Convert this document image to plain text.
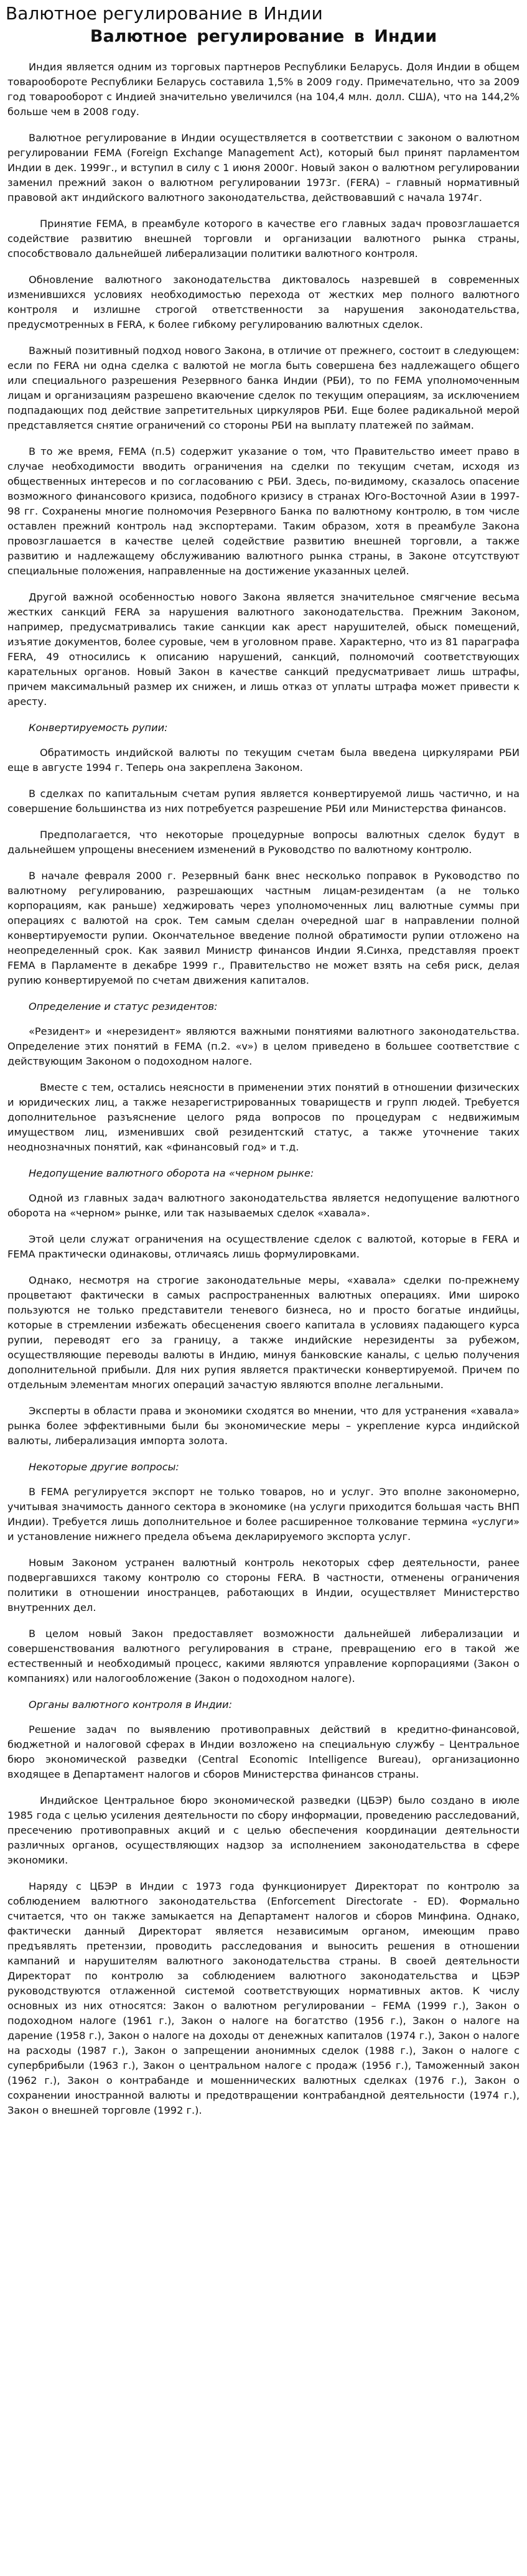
Валютное регулирование в Индии
Валютное регулирование в Индии
Индия является одним из торговых партнеров Республики Беларусь. Доля Индии в общем товарообороте Республики Беларусь составила 1,5% в 2009 году. Примечательно, что за 2009 год товарооборот с Индией значительно увеличился (на 104,4 млн. долл. США), что на 144,2% больше чем в 2008 году.
Валютное регулирование в Индии осуществляется в соответствии с законом о валютном регулировании FEMA (Foreign Exchange Management Act), который был принят парламентом Индии в дек. 1999г., и вступил в силу с 1 июня 2000г. Новый закон о валютном регулировании заменил прежний закон о валютном регулировании 1973г. (FERA) – главный нормативный правовой акт индийского валютного законодательства, действовавший с начала 1974г.
Принятие FEMA, в преамбуле которого в качестве его главных задач провозглашается содействие развитию внешней торговли и организации валютного рынка страны, способствовало дальнейшей либерализации политики валютного контроля.
Обновление валютного законодательства диктовалось назревшей в современных изменившихся условиях необходимостью перехода от жестких мер полного валютного контроля и излишне строгой ответственности за нарушения законодательства, предусмотренных в FERA, к более гибкому регулированию валютных сделок.
Важный позитивный подход нового Закона, в отличие от прежнего, состоит в следующем: если по FERA ни одна сделка с валютой не могла быть совершена без надлежащего общего или специального разрешения Резервного банка Индии (РБИ), то по FEMA уполномоченным лицам и организациям разрешено вкаючение сделок по текущим операциям, за исключением подпадающих под действие запретительных циркуляров РБИ. Еще более радикальной мерой представляется снятие ограничений со стороны РБИ на выплату платежей по займам.
В то же время, FEMA (п.5) содержит указание о том, что Правительство имеет право в случае необходимости вводить ограничения на сделки по текущим счетам, исходя из общественных интересов и по согласованию с РБИ. Здесь, по-видимому, сказалось опасение возможного финансового кризиса, подобного кризису в странах Юго-Восточной Азии в 1997-98 гг. Сохранены многие полномочия Резервного Банка по валютному контролю, в том числе оставлен прежний контроль над экспортерами. Таким образом, хотя в преамбуле Закона провозглашается в качестве целей содействие развитию внешней торговли, а также развитию и надлежащему обслуживанию валютного рынка страны, в Законе отсутствуют специальные положения, направленные на достижение указанных целей.
Другой важной особенностью нового Закона является значительное смягчение весьма жестких санкций FERA за нарушения валютного законодательства. Прежним Законом, например, предусматривались такие санкции как арест нарушителей, обыск помещений, изъятие документов, более суровые, чем в уголовном праве. Характерно, что из 81 параграфа FERA, 49 относились к описанию нарушений, санкций, полномочий соответствующих карательных органов. Новый Закон в качестве санкций предусматривает лишь штрафы, причем максимальный размер их снижен, и лишь отказ от уплаты штрафа может привести к аресту.
Конвертируемость рупии:
Обратимость индийской валюты по текущим счетам была введена циркулярами РБИ еще в августе 1994 г. Теперь она закреплена Законом.
В сделках по капитальным счетам рупия является конвертируемой лишь частично, и на совершение большинства из них потребуется разрешение РБИ или Министерства финансов.
Предполагается, что некоторые процедурные вопросы валютных сделок будут в дальнейшем упрощены внесением изменений в Руководство по валютному контролю.
В начале февраля 2000 г. Резервный банк внес несколько поправок в Руководство по валютному регулированию, разрешающих частным лицам-резидентам (а не только корпорациям, как раньше) хеджировать через уполномоченных лиц валютные суммы при операциях с валютой на срок. Тем самым сделан очередной шаг в направлении полной конвертируемости рупии. Окончательное введение полной обратимости рупии отложено на неопределенный срок. Как заявил Министр финансов Индии Я.Синха, представляя проект FEMA в Парламенте в декабре 1999 г., Правительство не может взять на себя риск, делая рупию конвертируемой по счетам движения капиталов.
Определение и статус резидентов:
«Резидент» и «нерезидент» являются важными понятиями валютного законодательства. Определение этих понятий в FEMA (п.2. «v») в целом приведено в большее соответствие с действующим Законом о подоходном налоге.
Вместе с тем, остались неясности в применении этих понятий в отношении физических и юридических лиц, а также незарегистрированных товариществ и групп людей. Требуется дополнительное разъяснение целого ряда вопросов по процедурам с недвижимым имуществом лиц, изменивших свой резидентский статус, а также уточнение таких неоднозначных понятий, как «финансовый год» и т.д.
Недопущение валютного оборота на «черном рынке:
Одной из главных задач валютного законодательства является недопущение валютного оборота на «черном» рынке, или так называемых сделок «хавала».
Этой цели служат ограничения на осуществление сделок с валютой, которые в FERA и FEMA практически одинаковы, отличаясь лишь формулировками.
Однако, несмотря на строгие законодательные меры, «хавала» сделки по-прежнему процветают фактически в самых распространенных валютных операциях. Ими широко пользуются не только представители теневого бизнеса, но и просто богатые индийцы, которые в стремлении избежать обесценения своего капитала в условиях падающего курса рупии, переводят его за границу, а также индийские нерезиденты за рубежом, осуществляющие переводы валюты в Индию, минуя банковские каналы, с целью получения дополнительной прибыли. Для них рупия является практически конвертируемой. Причем по отдельным элементам многих операций зачастую являются вполне легальными.
Эксперты в области права и экономики сходятся во мнении, что для устранения «хавала» рынка более эффективными были бы экономические меры – укрепление курса индийской валюты, либерализация импорта золота.
Некоторые другие вопросы:
В FEMA регулируется экспорт не только товаров, но и услуг. Это вполне закономерно, учитывая значимость данного сектора в экономике (на услуги приходится большая часть ВНП Индии). Требуется лишь дополнительное и более расширенное толкование термина «услуги» и установление нижнего предела объема декларируемого экспорта услуг.
Новым Законом устранен валютный контроль некоторых сфер деятельности, ранее подвергавшихся такому контролю со стороны FERA. В частности, отменены ограничения политики в отношении иностранцев, работающих в Индии, осуществляет Министерство внутренних дел.
В целом новый Закон предоставляет возможности дальнейшей либерализации и совершенствования валютного регулирования в стране, превращению его в такой же естественный и необходимый процесс, какими являются управление корпорациями (Закон о компаниях) или налогообложение (Закон о подоходном налоге).
Органы валютного контроля в Индии:
Решение задач по выявлению противоправных действий в кредитно-финансовой, бюджетной и налоговой сферах в Индии возложено на специальную службу – Центральное бюро экономической разведки (Central Economic Intelligence Bureau), организационно входящее в Департамент налогов и сборов Министерства финансов страны.
Индийское Центральное бюро экономической разведки (ЦБЭР) было создано в июле 1985 года с целью усиления деятельности по сбору информации, проведению расследований, пресечению противоправных акций и с целью обеспечения координации деятельности различных органов, осуществляющих надзор за исполнением законодательства в сфере экономики.
Наряду с ЦБЭР в Индии с 1973 года функционирует Директорат по контролю за соблюдением валютного законодательства (Enforcement Directorate - ED). Формально считается, что он также замыкается на Департамент налогов и сборов Минфина. Однако, фактически данный Директорат является независимым органом, имеющим право предъявлять претензии, проводить расследования и выносить решения в отношении кампаний и нарушителям валютного законодательства страны. В своей деятельности Директорат по контролю за соблюдением валютного законодательства и ЦБЭР руководствуются отлаженной системой соответствующих нормативных актов. К числу основных из них относятся: Закон о валютном регулировании – FEMA (1999 г.), Закон о подоходном налоге (1961 г.), Закон о налоге на богатство (1956 г.), Закон о налоге на дарение (1958 г.), Закон о налоге на доходы от денежных капиталов (1974 г.), Закон о налоге на расходы (1987 г.), Закон о запрещении анонимных сделок (1988 г.), Закон о налоге с супербрибыли (1963 г.), Закон о центральном налоге с продаж (1956 г.), Таможенный закон (1962 г.), Закон о контрабанде и мошеннических валютных сделках (1976 г.), Закон о сохранении иностранной валюты и предотвращении контрабандной деятельности (1974 г.), Закон о внешней торговле (1992 г.).
